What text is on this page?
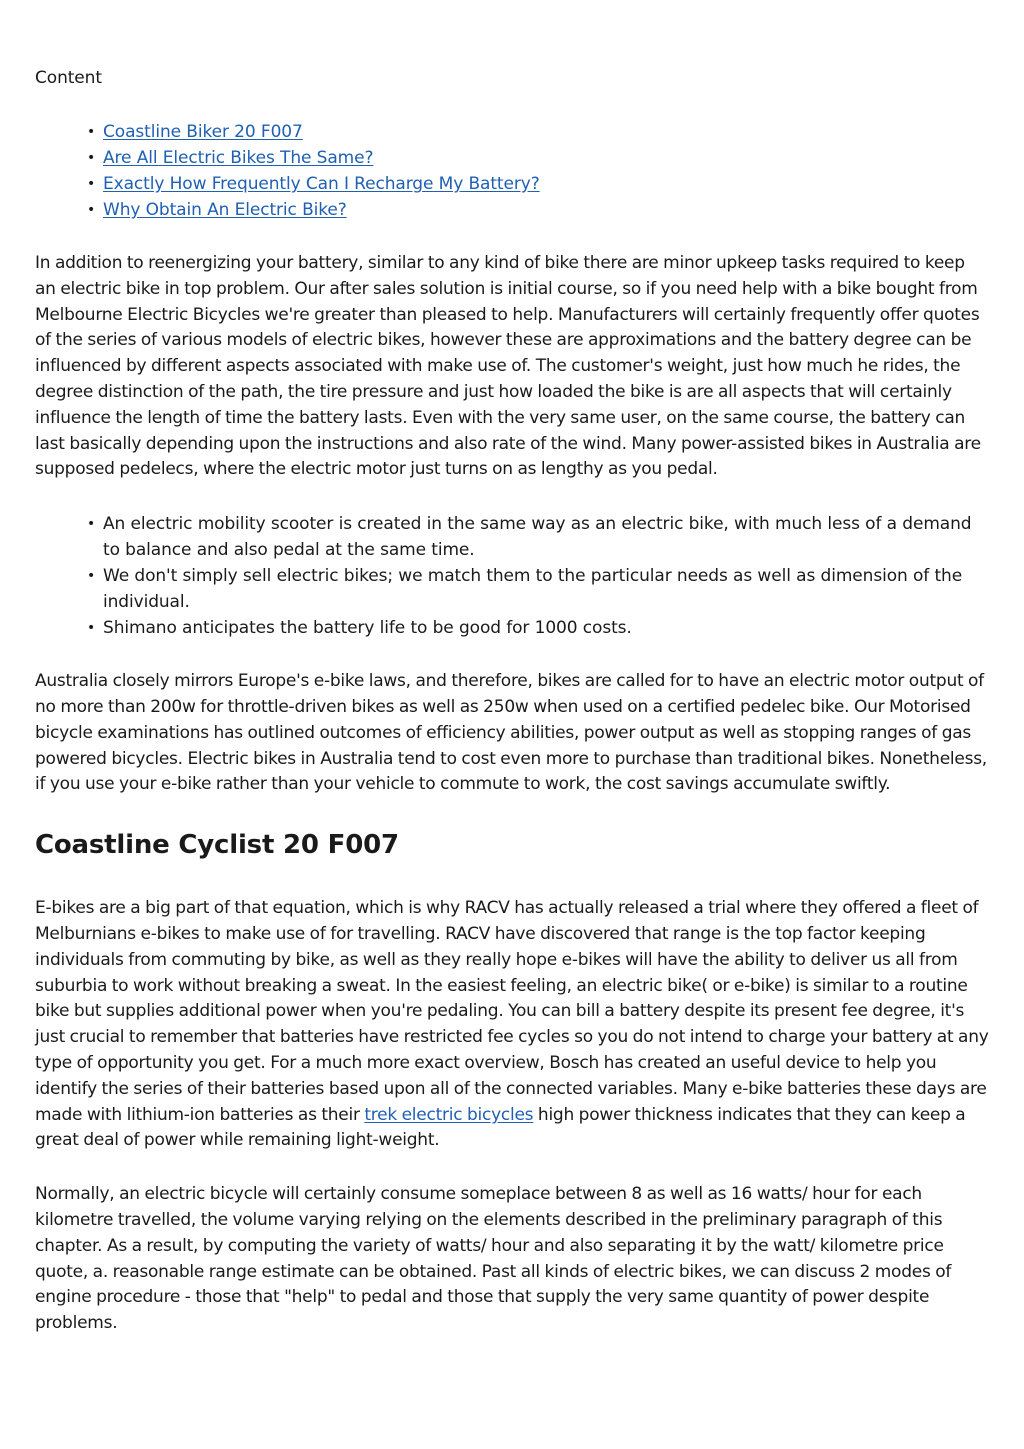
Content
• Coastline Biker 20 F007
• Are All Electric Bikes The Same?
• Exactly How Frequently Can I Recharge My Battery?
• Why Obtain An Electric Bike?

In addition to reenergizing your battery, similar to any kind of bike there are minor upkeep tasks required to keep an electric bike in top problem. Our after sales solution is initial course, so if you need help with a bike bought from Melbourne Electric Bicycles we're greater than pleased to help. Manufacturers will certainly frequently offer quotes of the series of various models of electric bikes, however these are approximations and the battery degree can be influenced by different aspects associated with make use of. The customer's weight, just how much he rides, the degree distinction of the path, the tire pressure and just how loaded the bike is are all aspects that will certainly influence the length of time the battery lasts. Even with the very same user, on the same course, the battery can last basically depending upon the instructions and also rate of the wind. Many power-assisted bikes in Australia are supposed pedelecs, where the electric motor just turns on as lengthy as you pedal.

• An electric mobility scooter is created in the same way as an electric bike, with much less of a demand to balance and also pedal at the same time.
• We don't simply sell electric bikes; we match them to the particular needs as well as dimension of the individual.
• Shimano anticipates the battery life to be good for 1000 costs.

Australia closely mirrors Europe's e-bike laws, and therefore, bikes are called for to have an electric motor output of no more than 200w for throttle-driven bikes as well as 250w when used on a certified pedelec bike. Our Motorised bicycle examinations has outlined outcomes of efficiency abilities, power output as well as stopping ranges of gas powered bicycles. Electric bikes in Australia tend to cost even more to purchase than traditional bikes. Nonetheless, if you use your e-bike rather than your vehicle to commute to work, the cost savings accumulate swiftly.

Coastline Cyclist 20 F007

E-bikes are a big part of that equation, which is why RACV has actually released a trial where they offered a fleet of Melburnians e-bikes to make use of for travelling. RACV have discovered that range is the top factor keeping individuals from commuting by bike, as well as they really hope e-bikes will have the ability to deliver us all from suburbia to work without breaking a sweat. In the easiest feeling, an electric bike( or e-bike) is similar to a routine bike but supplies additional power when you're pedaling. You can bill a battery despite its present fee degree, it's just crucial to remember that batteries have restricted fee cycles so you do not intend to charge your battery at any type of opportunity you get. For a much more exact overview, Bosch has created an useful device to help you identify the series of their batteries based upon all of the connected variables. Many e-bike batteries these days are made with lithium-ion batteries as their trek electric bicycles high power thickness indicates that they can keep a great deal of power while remaining light-weight.

Normally, an electric bicycle will certainly consume someplace between 8 as well as 16 watts/ hour for each kilometre travelled, the volume varying relying on the elements described in the preliminary paragraph of this chapter. As a result, by computing the variety of watts/ hour and also separating it by the watt/ kilometre price quote, a. reasonable range estimate can be obtained. Past all kinds of electric bikes, we can discuss 2 modes of engine procedure - those that "help" to pedal and those that supply the very same quantity of power despite problems.
